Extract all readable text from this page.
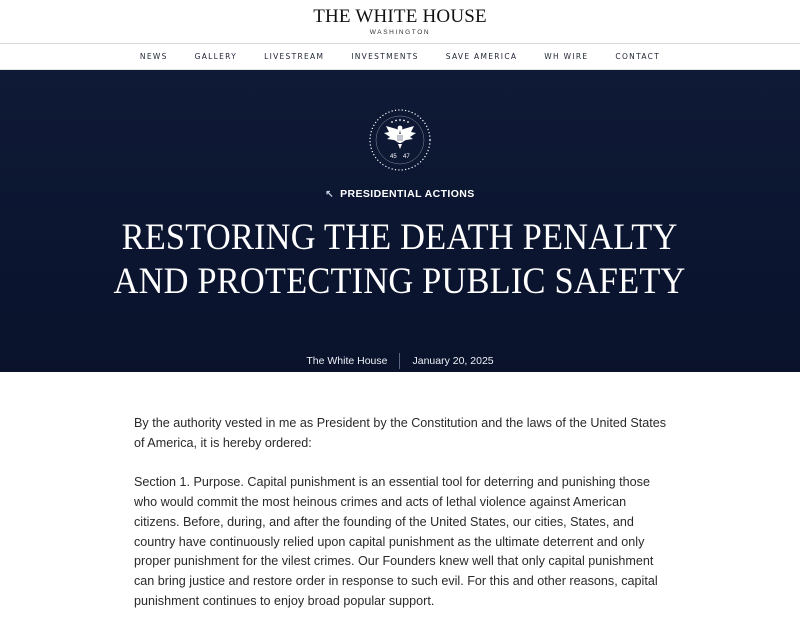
THE WHITE HOUSE
WASHINGTON
NEWS	GALLERY	LIVESTREAM	INVESTMENTS	SAVE AMERICA	WH WIRE	CONTACT
45 47
↖ PRESIDENTIAL ACTIONS
RESTORING THE DEATH PENALTY
AND PROTECTING PUBLIC SAFETY
The White House January 20, 2025

By the authority vested in me as President by the Constitution and the laws of the United States of America, it is hereby ordered:

Section 1. Purpose. Capital punishment is an essential tool for deterring and punishing those who would commit the most heinous crimes and acts of lethal violence against American citizens. Before, during, and after the founding of the United States, our cities, States, and country have continuously relied upon capital punishment as the ultimate deterrent and only proper punishment for the vilest crimes. Our Founders knew well that only capital punishment can bring justice and restore order in response to such evil. For this and other reasons, capital punishment continues to enjoy broad popular support.
